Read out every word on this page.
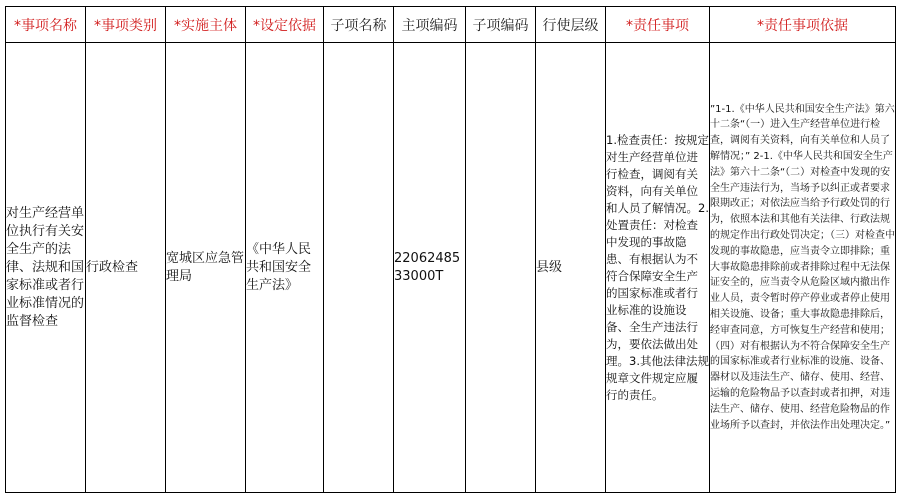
*事项名称	*事项类别	*实施主体	*设定依据	子项名称	主项编码	子项编码	行使层级	*责任事项	*责任事项依据
对生产经营单位执行有关安全生产的法律、法规和国家标准或者行业标准情况的监督检查	行政检查	宽城区应急管理局	《中华人民共和国安全生产法》		2206248533000T		县级	1.检查责任：按规定对生产经营单位进行检查，调阅有关资料，向有关单位和人员了解情况。2.处置责任：对检查中发现的事故隐患、有根据认为不符合保障安全生产的国家标准或者行业标准的设施设备、全生产违法行为，要依法做出处理。3.其他法律法规规章文件规定应履行的责任。	”1-1.《中华人民共和国安全生产法》第六十二条“（一）进入生产经营单位进行检查，调阅有关资料，向有关单位和人员了解情况；” 2-1.《中华人民共和国安全生产法》第六十二条“（二）对检查中发现的安全生产违法行为，当场予以纠正或者要求限期改正；对依法应当给予行政处罚的行为，依照本法和其他有关法律、行政法规的规定作出行政处罚决定；（三）对检查中发现的事故隐患，应当责令立即排除；重大事故隐患排除前或者排除过程中无法保证安全的，应当责令从危险区域内撤出作业人员，责令暂时停产停业或者停止使用相关设施、设备；重大事故隐患排除后，经审查同意，方可恢复生产经营和使用；（四）对有根据认为不符合保障安全生产的国家标准或者行业标准的设施、设备、器材以及违法生产、储存、使用、经营、运输的危险物品予以查封或者扣押，对违法生产、储存、使用、经营危险物品的作业场所予以查封，并依法作出处理决定。”
